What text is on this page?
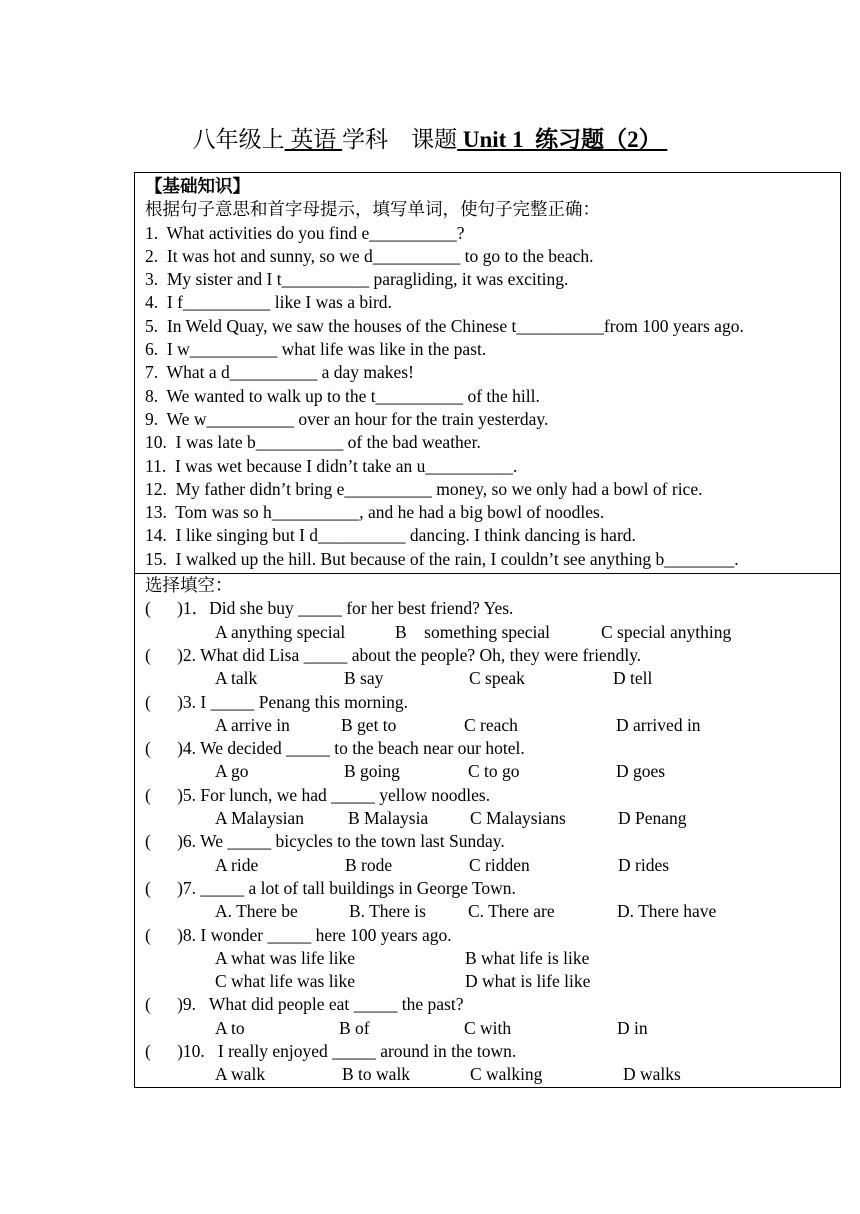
八年级上 英语 学科 课题 Unit 1  练习题（2）
【基础知识】
根据句子意思和首字母提示，填写单词，使句子完整正确：
1.  What activities do you find e__________?
2.  It was hot and sunny, so we d__________ to go to the beach.
3.  My sister and I t__________ paragliding, it was exciting.
4.  I f__________ like I was a bird.
5.  In Weld Quay, we saw the houses of the Chinese t__________from 100 years ago.
6.  I w__________ what life was like in the past.
7.  What a d__________ a day makes!
8.  We wanted to walk up to the t__________ of the hill.
9.  We w__________ over an hour for the train yesterday.
10.  I was late b__________ of the bad weather.
11.  I was wet because I didn’t take an u__________.
12.  My father didn’t bring e__________ money, so we only had a bowl of rice.
13.  Tom was so h__________, and he had a big bowl of noodles.
14.  I like singing but I d__________ dancing. I think dancing is hard.
15.  I walked up the hill. But because of the rain, I couldn’t see anything b________.
选择填空：
(      )1．Did she buy _____ for her best friend? Yes.
A anything special	B    something special	C special anything
(      )2. What did Lisa _____ about the people? Oh, they were friendly.
A talk	B say	C speak	D tell
(      )3. I _____ Penang this morning.
A arrive in	B get to	C reach	D arrived in
(      )4. We decided _____ to the beach near our hotel.
A go	B going	C to go	D goes
(      )5. For lunch, we had _____ yellow noodles.
A Malaysian	B Malaysia C Malaysians	D Penang
(      )6. We _____ bicycles to the town last Sunday.
A ride	B rode	C ridden	D rides
(      )7. _____ a lot of tall buildings in George Town.
A. There be	B. There is C. There are	D. There have
(      )8. I wonder _____ here 100 years ago.
A what was life like	B what life is like
C what life was like	D what is life like
(      )9.   What did people eat _____ the past?
A to	B of	C with	D in
(      )10.   I really enjoyed _____ around in the town.
A walk	B to walk	C walking	D walks
